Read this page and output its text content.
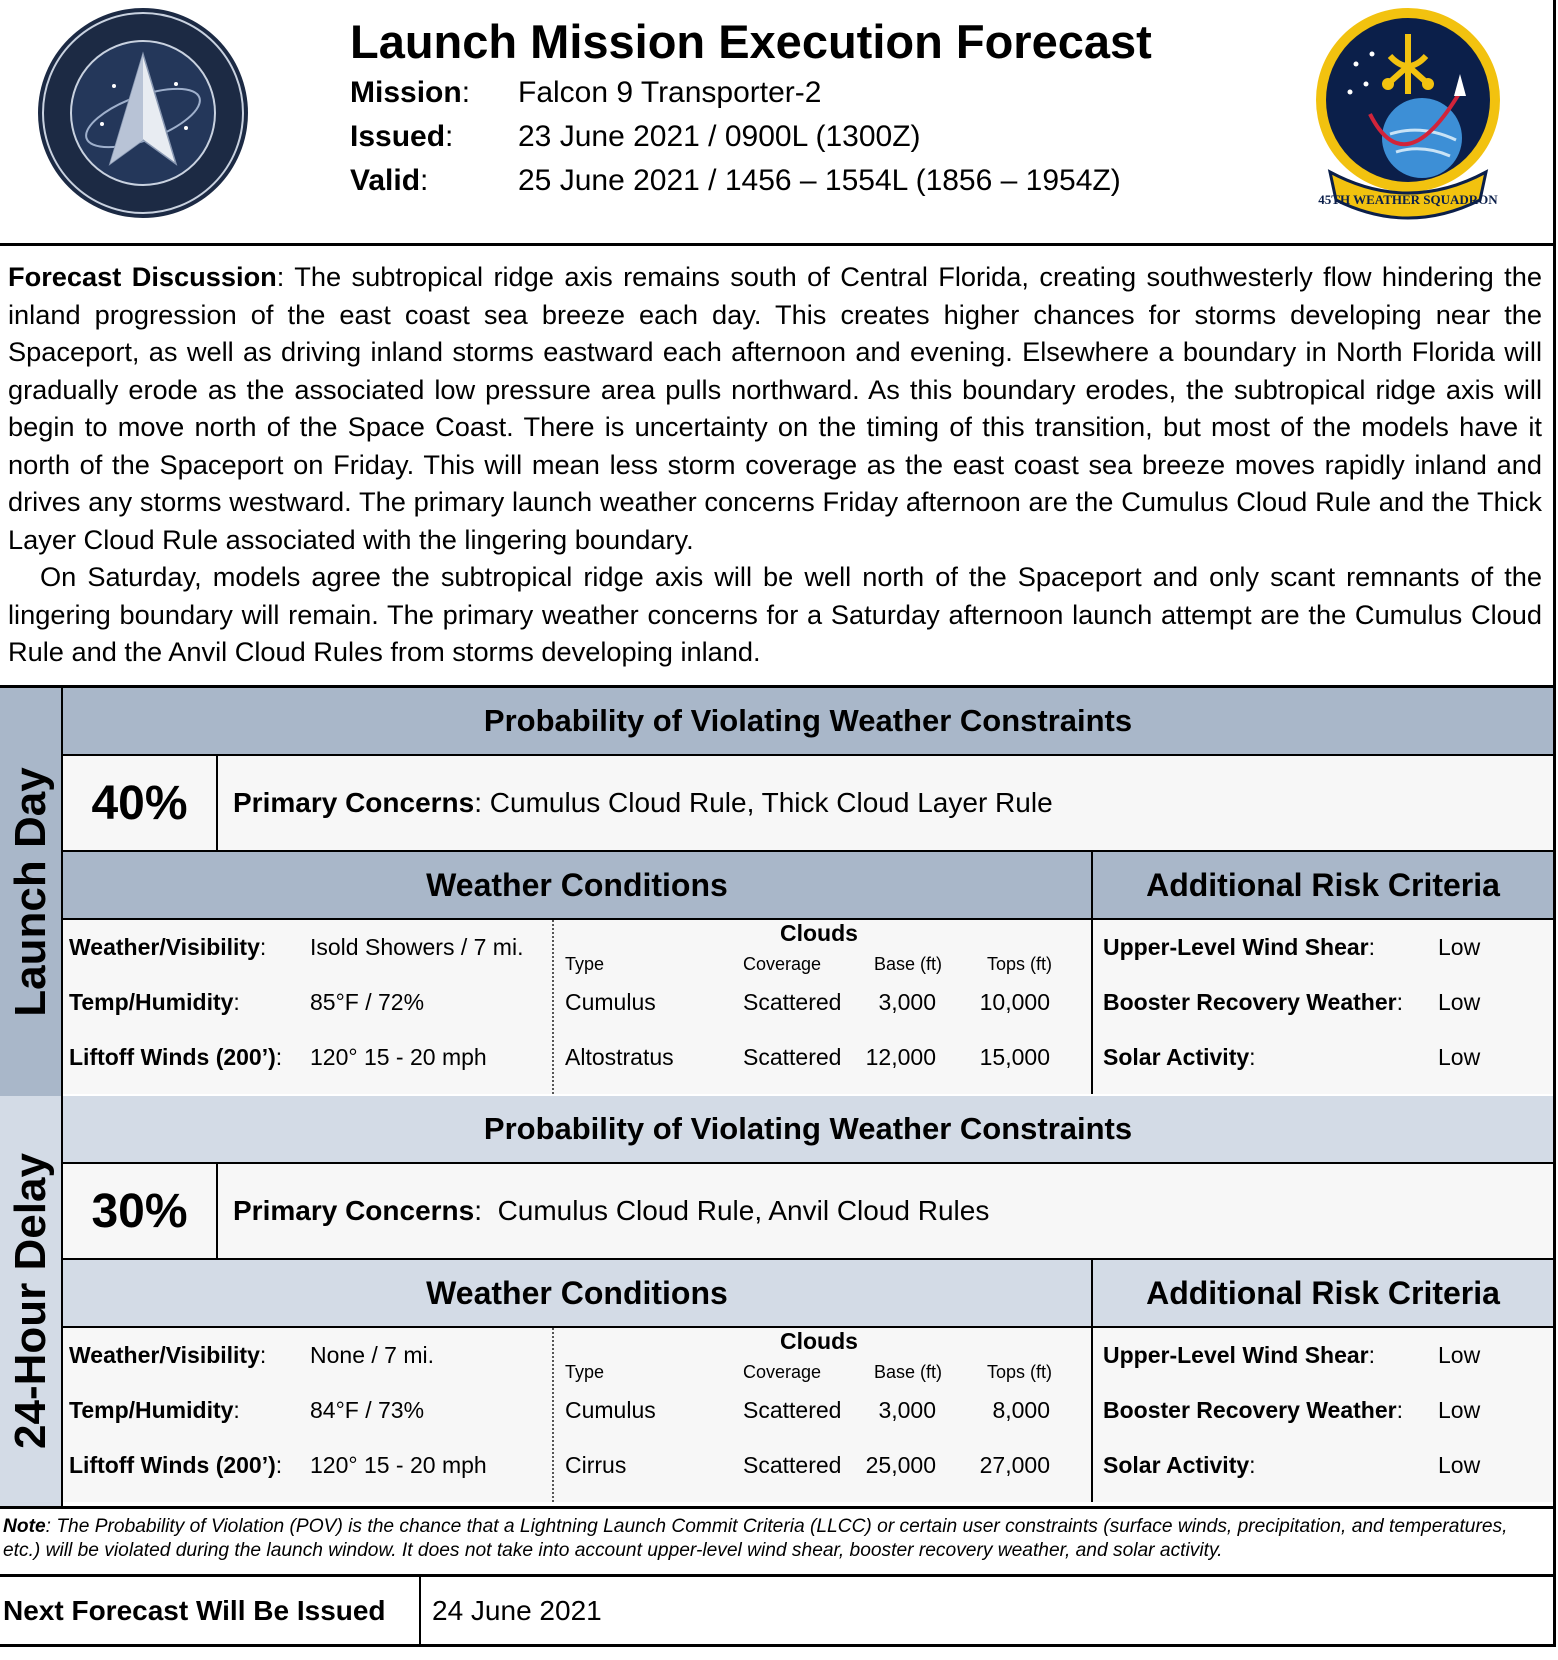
Launch Mission Execution Forecast
Mission: Falcon 9 Transporter-2
Issued: 23 June 2021 / 0900L (1300Z)
Valid:	25 June 2021 / 1456 – 1554L (1856 – 1954Z)
45TH WEATHER SQUADRON

Forecast Discussion: The subtropical ridge axis remains south of Central Florida, creating southwesterly flow hindering the inland progression of the east coast sea breeze each day. This creates higher chances for storms developing near the Spaceport, as well as driving inland storms eastward each afternoon and evening. Elsewhere a boundary in North Florida will gradually erode as the associated low pressure area pulls northward. As this boundary erodes, the subtropical ridge axis will begin to move north of the Space Coast. There is uncertainty on the timing of this transition, but most of the models have it north of the Spaceport on Friday. This will mean less storm coverage as the east coast sea breeze moves rapidly inland and drives any storms westward. The primary launch weather concerns Friday afternoon are the Cumulus Cloud Rule and the Thick Layer Cloud Rule associated with the lingering boundary.

On Saturday, models agree the subtropical ridge axis will be well north of the Spaceport and only scant remnants of the lingering boundary will remain. The primary weather concerns for a Saturday afternoon launch attempt are the Cumulus Cloud Rule and the Anvil Cloud Rules from storms developing inland.

Launch Day
Probability of Violating Weather Constraints
40%	Primary Concerns : Cumulus Cloud Rule, Thick Cloud Layer Rule
Weather Conditions	Additional Risk Criteria
Weather/Visibility: Isold Showers / 7 mi.
Temp/Humidity:	85°F / 72%
Liftoff Winds (200’): 120° 15 - 20 mph
Clouds
Type	Coverage	Base (ft) Tops (ft)
Cumulus	Scattered 3,000 10,000
Altostratus	Scattered 12,000 15,000
Upper-Level Wind Shear:	Low
Booster Recovery Weather: Low
Solar Activity:	Low
24-Hour Delay
Probability of Violating Weather Constraints
30%	Primary Concerns : Cumulus Cloud Rule, Anvil Cloud Rules
Weather Conditions	Additional Risk Criteria
Weather/Visibility: None / 7 mi.
Temp/Humidity:	84°F / 73%
Liftoff Winds (200’): 120° 15 - 20 mph
Clouds
Type	Coverage	Base (ft) Tops (ft)
Cumulus	Scattered 3,000 8,000
Cirrus	Scattered 25,000 27,000
Upper-Level Wind Shear:	Low
Booster Recovery Weather: Low
Solar Activity:	Low
Note: The Probability of Violation (POV) is the chance that a Lightning Launch Commit Criteria (LLCC) or certain user constraints (surface winds, precipitation, and temperatures, etc.) will be violated during the launch window. It does not take into account upper-level wind shear, booster recovery weather, and solar activity.
Next Forecast Will Be Issued	24 June 2021
